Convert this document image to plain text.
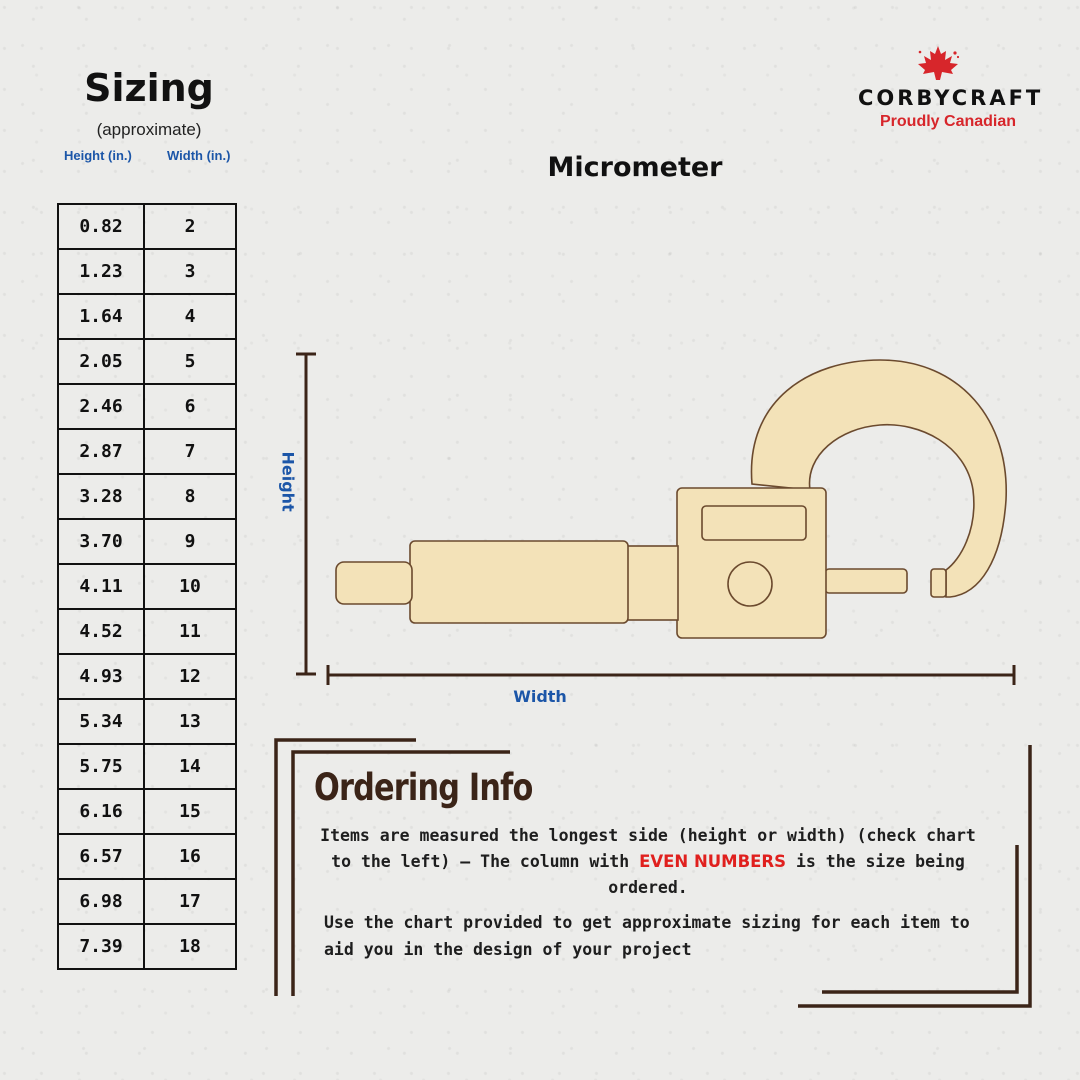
Sizing
(approximate)
Height (in.)	Width (in.)
0.82	2
1.23	3
1.64	4
2.05	5
2.46	6
2.87	7
3.28	8
3.70	9
4.11	10
4.52	11
4.93	12
5.34	13
5.75	14
6.16	15
6.57	16
6.98	17
7.39	18
CORBYCRAFT
Proudly Canadian
Micrometer
Height
Width
Ordering Info
Items are measured the longest side (height or width) (check chart to the left) – The column with EVEN NUMBERS is the size being ordered.
Use the chart provided to get approximate sizing for each item to aid you in the design of your project
